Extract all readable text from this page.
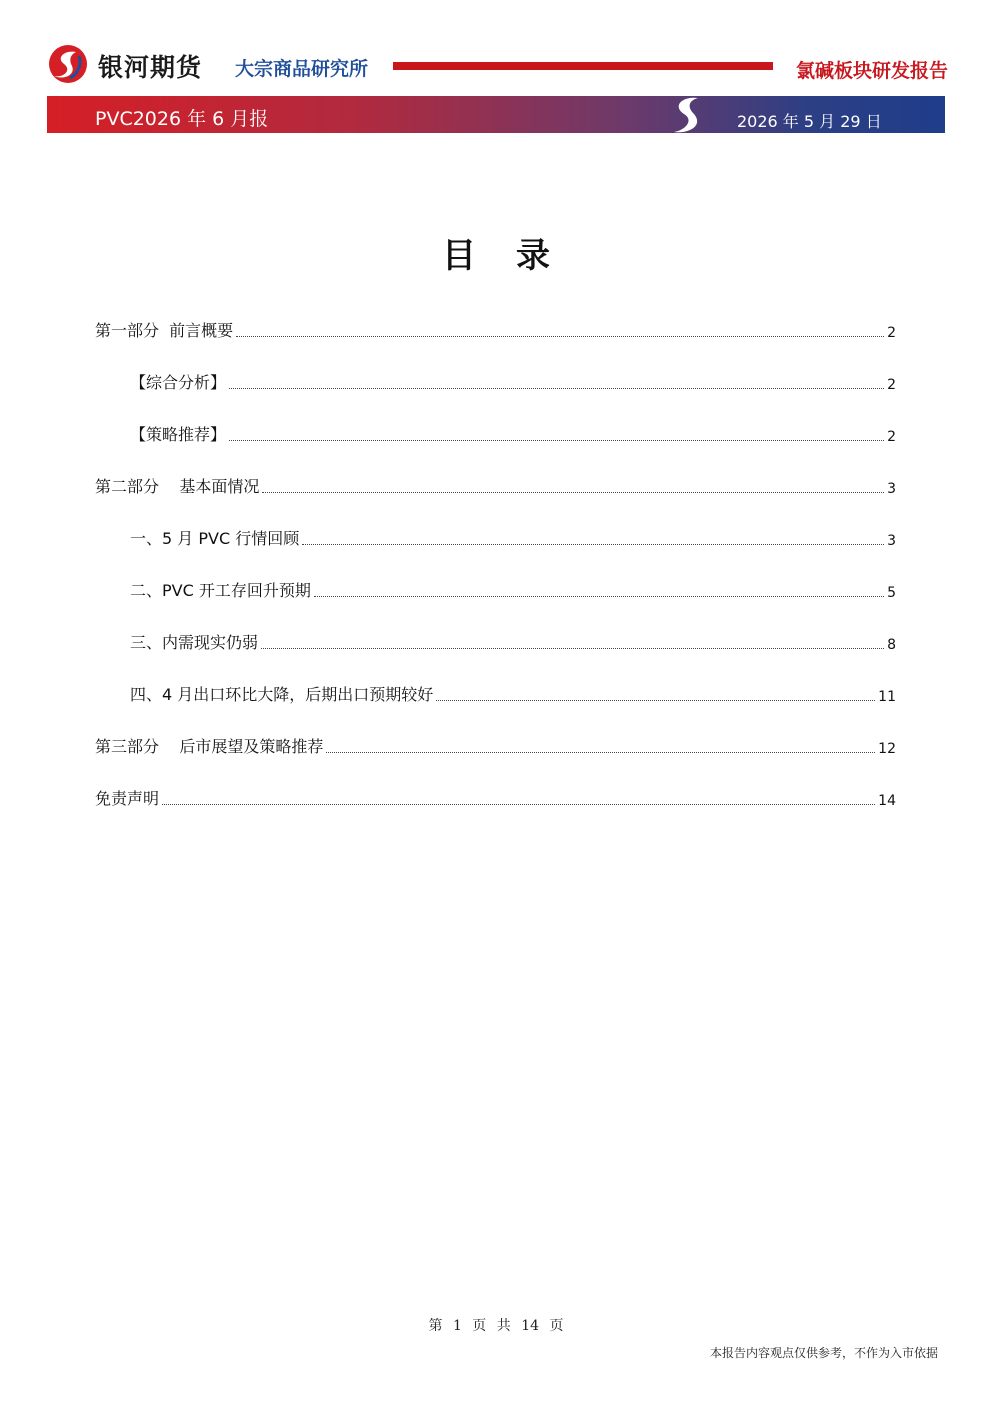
银河期货 大宗商品研究所	氯碱板块研发报告
PVC2026 年 6 月报	2026 年 5 月 29 日
目录
第一部分  前言概要	2
【综合分析】	2
【策略推荐】	2
第二部分    基本面情况	3
一、5 月 PVC 行情回顾	3
二、PVC 开工存回升预期	5
三、内需现实仍弱	8
四、4 月出口环比大降，后期出口预期较好	11
第三部分    后市展望及策略推荐	12
免责声明	14
第 1 页 共 14 页
本报告内容观点仅供参考，不作为入市依据
